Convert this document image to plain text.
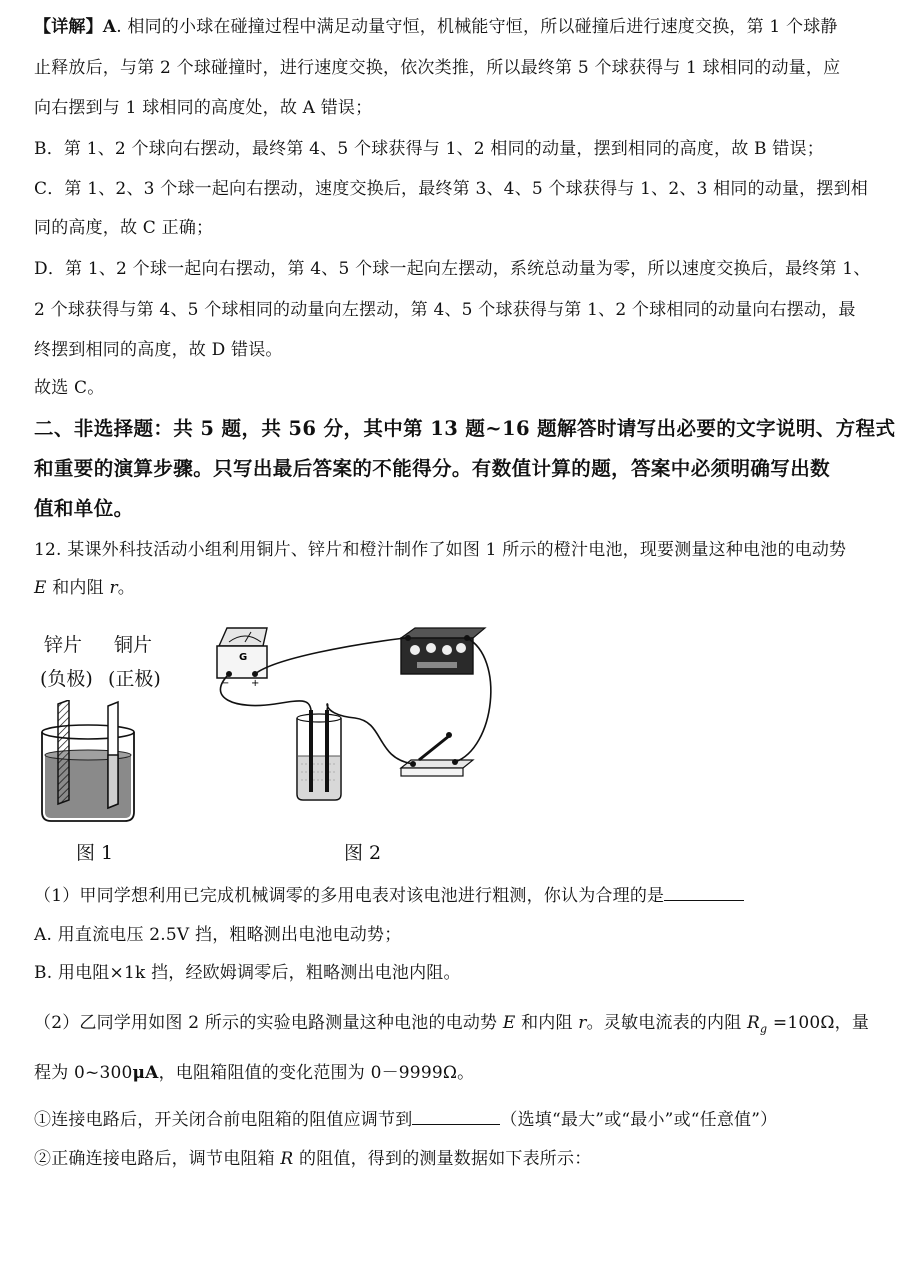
【详解】A. 相同的小球在碰撞过程中满足动量守恒，机械能守恒，所以碰撞后进行速度交换，第 1 个球静
止释放后，与第 2 个球碰撞时，进行速度交换，依次类推，所以最终第 5 个球获得与 1 球相同的动量，应
向右摆到与 1 球相同的高度处，故 A 错误；
B．第 1、2 个球向右摆动，最终第 4、5 个球获得与 1、2 相同的动量，摆到相同的高度，故 B 错误；
C．第 1、2、3 个球一起向右摆动，速度交换后，最终第 3、4、5 个球获得与 1、2、3 相同的动量，摆到相
同的高度，故 C 正确；
D．第 1、2 个球一起向右摆动，第 4、5 个球一起向左摆动，系统总动量为零，所以速度交换后，最终第 1、
2 个球获得与第 4、5 个球相同的动量向左摆动，第 4、5 个球获得与第 1、2 个球相同的动量向右摆动，最
终摆到相同的高度，故 D 错误。
故选 C。
二、非选择题：共 5 题，共 56 分，其中第 13 题~16 题解答时请写出必要的文字说明、方程式
和重要的演算步骤。只写出最后答案的不能得分。有数值计算的题，答案中必须明确写出数
值和单位。
12. 某课外科技活动小组利用铜片、锌片和橙汁制作了如图 1 所示的橙汁电池，现要测量这种电池的电动势
E 和内阻 r。
锌片 铜片
(负极) (正极)
图 1
G
− +
图 2
（1）甲同学想利用已完成机械调零的多用电表对该电池进行粗测，你认为合理的是
A. 用直流电压 2.5V 挡，粗略测出电池电动势；
B. 用电阻×1k 挡，经欧姆调零后，粗略测出电池内阻。
（2）乙同学用如图 2 所示的实验电路测量这种电池的电动势 E 和内阻 r。灵敏电流表的内阻 $R_g =100\Omega$，量
程为 0~300μA，电阻箱阻值的变化范围为 0－9999Ω。
①连接电路后，开关闭合前电阻箱的阻值应调节到	（选填“最大”或“最小”或“任意值”）
②正确连接电路后，调节电阻箱 R 的阻值，得到的测量数据如下表所示：
